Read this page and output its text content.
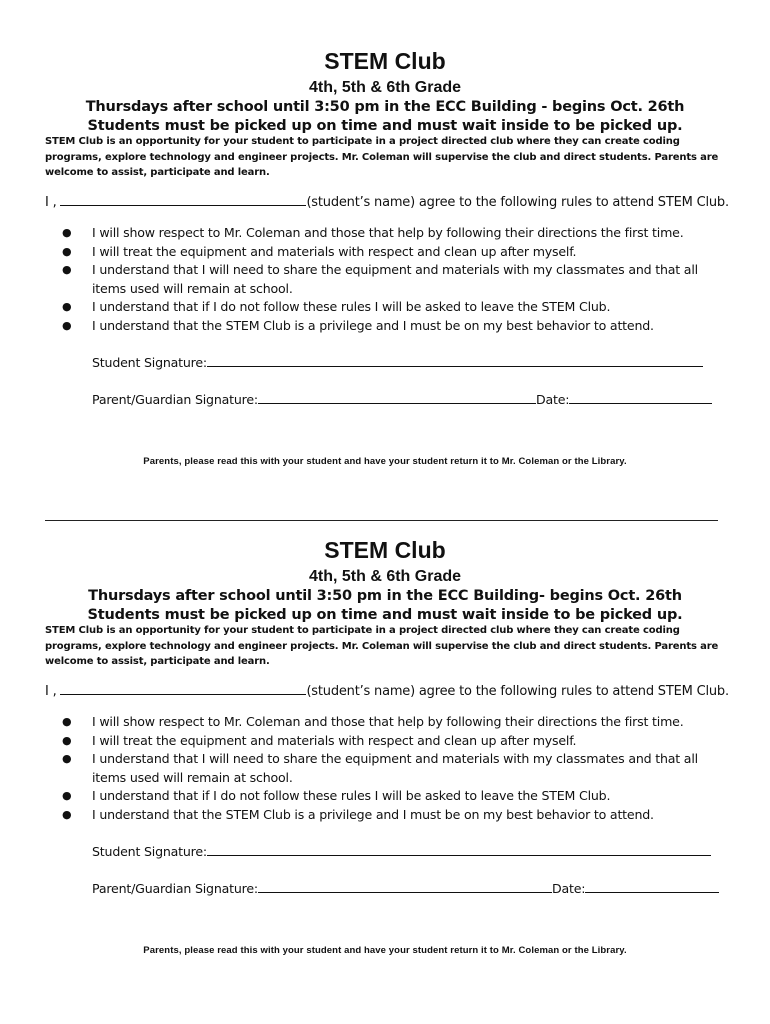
STEM Club
4th, 5th & 6th Grade
Thursdays after school until 3:50 pm in the ECC Building - begins Oct. 26th
Students must be picked up on time and must wait inside to be picked up.
STEM Club is an opportunity for your student to participate in a project directed club where they can create coding programs, explore technology and engineer projects. Mr. Coleman will supervise the club and direct students. Parents are welcome to assist, participate and learn.
I ,	(student’s name) agree to the following rules to attend STEM Club.
● I will show respect to Mr. Coleman and those that help by following their directions the first time.
● I will treat the equipment and materials with respect and clean up after myself.
● I understand that I will need to share the equipment and materials with my classmates and that all items used will remain at school.
● I understand that if I do not follow these rules I will be asked to leave the STEM Club.
● I understand that the STEM Club is a privilege and I must be on my best behavior to attend.
Student Signature:
Parent/Guardian Signature:	Date:
Parents, please read this with your student and have your student return it to Mr. Coleman or the Library.
STEM Club
4th, 5th & 6th Grade
Thursdays after school until 3:50 pm in the ECC Building- begins Oct. 26th
Students must be picked up on time and must wait inside to be picked up.
STEM Club is an opportunity for your student to participate in a project directed club where they can create coding programs, explore technology and engineer projects. Mr. Coleman will supervise the club and direct students. Parents are welcome to assist, participate and learn.
I ,	(student’s name) agree to the following rules to attend STEM Club.
● I will show respect to Mr. Coleman and those that help by following their directions the first time.
● I will treat the equipment and materials with respect and clean up after myself.
● I understand that I will need to share the equipment and materials with my classmates and that all items used will remain at school.
● I understand that if I do not follow these rules I will be asked to leave the STEM Club.
● I understand that the STEM Club is a privilege and I must be on my best behavior to attend.
Student Signature:
Parent/Guardian Signature:	Date:
Parents, please read this with your student and have your student return it to Mr. Coleman or the Library.
